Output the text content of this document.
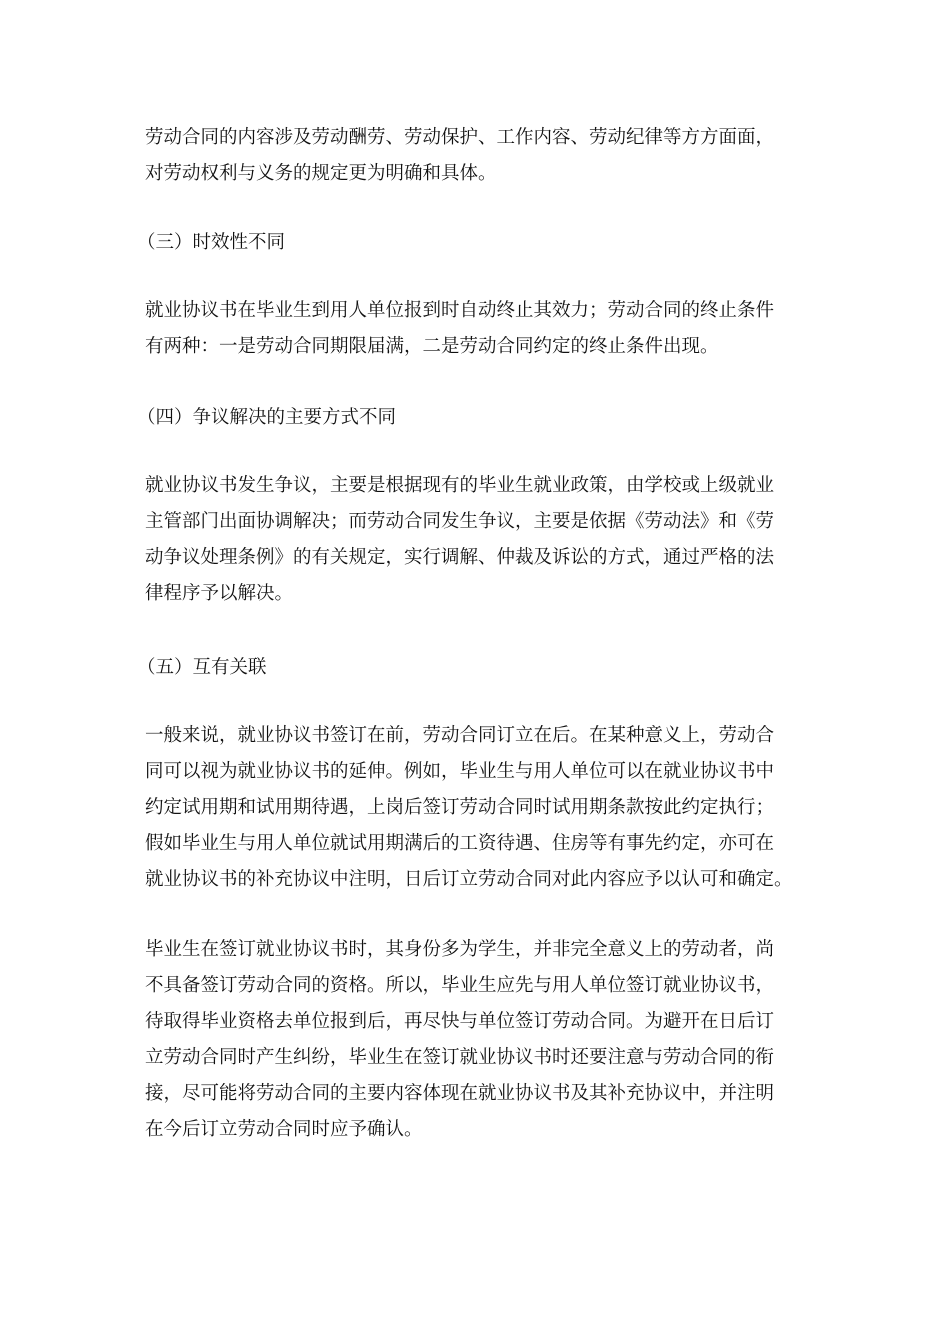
劳动合同的内容涉及劳动酬劳、劳动保护、工作内容、劳动纪律等方方面面，
对劳动权利与义务的规定更为明确和具体。

（三）时效性不同

就业协议书在毕业生到用人单位报到时自动终止其效力；劳动合同的终止条件
有两种：一是劳动合同期限届满，二是劳动合同约定的终止条件出现。

（四）争议解决的主要方式不同

就业协议书发生争议，主要是根据现有的毕业生就业政策，由学校或上级就业
主管部门出面协调解决；而劳动合同发生争议，主要是依据《劳动法》和《劳
动争议处理条例》的有关规定，实行调解、仲裁及诉讼的方式，通过严格的法
律程序予以解决。

（五）互有关联

一般来说，就业协议书签订在前，劳动合同订立在后。在某种意义上，劳动合
同可以视为就业协议书的延伸。例如，毕业生与用人单位可以在就业协议书中
约定试用期和试用期待遇，上岗后签订劳动合同时试用期条款按此约定执行；
假如毕业生与用人单位就试用期满后的工资待遇、住房等有事先约定，亦可在
就业协议书的补充协议中注明，日后订立劳动合同对此内容应予以认可和确定。

毕业生在签订就业协议书时，其身份多为学生，并非完全意义上的劳动者，尚
不具备签订劳动合同的资格。所以，毕业生应先与用人单位签订就业协议书，
待取得毕业资格去单位报到后，再尽快与单位签订劳动合同。为避开在日后订
立劳动合同时产生纠纷，毕业生在签订就业协议书时还要注意与劳动合同的衔
接，尽可能将劳动合同的主要内容体现在就业协议书及其补充协议中，并注明
在今后订立劳动合同时应予确认。
